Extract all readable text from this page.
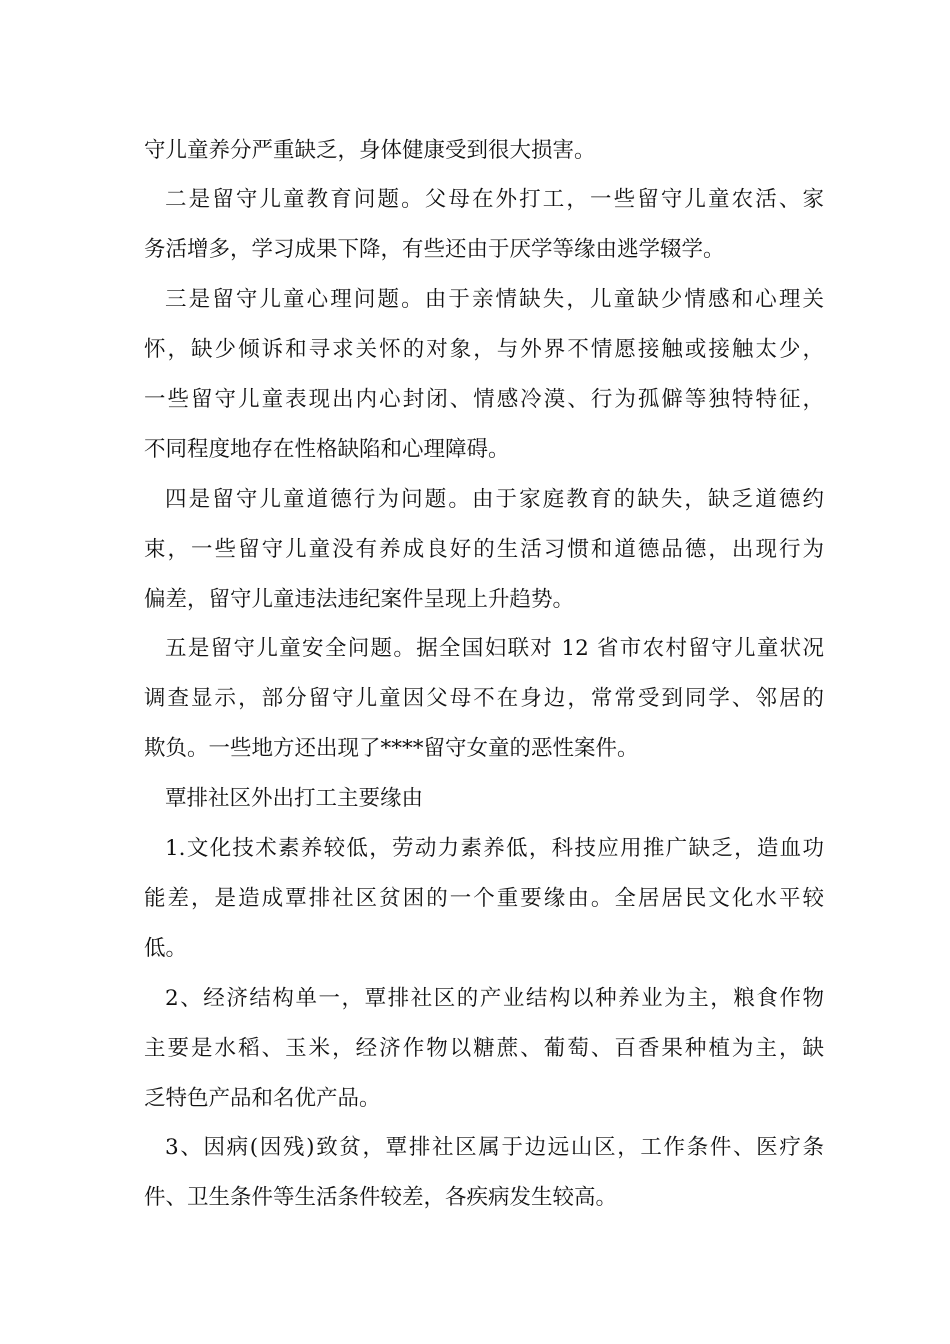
守儿童养分严重缺乏，身体健康受到很大损害。
二是留守儿童教育问题。父母在外打工，一些留守儿童农活、家
务活增多，学习成果下降，有些还由于厌学等缘由逃学辍学。
三是留守儿童心理问题。由于亲情缺失，儿童缺少情感和心理关
怀，缺少倾诉和寻求关怀的对象，与外界不情愿接触或接触太少，
一些留守儿童表现出内心封闭、情感冷漠、行为孤僻等独特特征，
不同程度地存在性格缺陷和心理障碍。
四是留守儿童道德行为问题。由于家庭教育的缺失，缺乏道德约
束，一些留守儿童没有养成良好的生活习惯和道德品德，出现行为
偏差，留守儿童违法违纪案件呈现上升趋势。
五是留守儿童安全问题。据全国妇联对 12 省市农村留守儿童状况
调查显示，部分留守儿童因父母不在身边，常常受到同学、邻居的
欺负。一些地方还出现了****留守女童的恶性案件。
覃排社区外出打工主要缘由
1.文化技术素养较低，劳动力素养低，科技应用推广缺乏，造血功
能差，是造成覃排社区贫困的一个重要缘由。全居居民文化水平较
低。
2、经济结构单一，覃排社区的产业结构以种养业为主，粮食作物
主要是水稻、玉米，经济作物以糖蔗、葡萄、百香果种植为主，缺
乏特色产品和名优产品。
3、因病(因残)致贫，覃排社区属于边远山区，工作条件、医疗条
件、卫生条件等生活条件较差，各疾病发生较高。
